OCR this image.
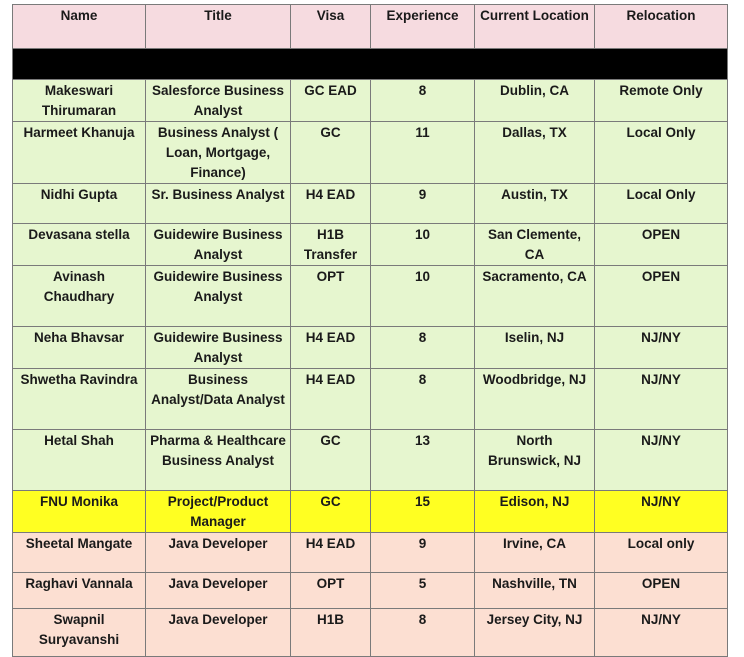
Name	Title	Visa	Experience	Current Location	Relocation

Makeswari Thirumaran	Salesforce Business Analyst	GC EAD	8	Dublin, CA	Remote Only
Harmeet Khanuja	Business Analyst ( Loan, Mortgage, Finance)	GC	11	Dallas, TX	Local Only
Nidhi Gupta	Sr. Business Analyst	H4 EAD	9	Austin, TX	Local Only
Devasana stella	Guidewire Business Analyst	H1B Transfer	10	San Clemente, CA	OPEN
Avinash Chaudhary	Guidewire Business Analyst	OPT	10	Sacramento, CA	OPEN
Neha Bhavsar	Guidewire Business Analyst	H4 EAD	8	Iselin, NJ	NJ/NY
Shwetha Ravindra	Business Analyst/Data Analyst	H4 EAD	8	Woodbridge, NJ	NJ/NY
Hetal Shah	Pharma & Healthcare Business Analyst	GC	13	North Brunswick, NJ	NJ/NY
FNU Monika	Project/Product Manager	GC	15	Edison, NJ	NJ/NY
Sheetal Mangate	Java Developer	H4 EAD	9	Irvine, CA	Local only
Raghavi Vannala	Java Developer	OPT	5	Nashville, TN	OPEN
Swapnil Suryavanshi	Java Developer	H1B	8	Jersey City, NJ	NJ/NY
